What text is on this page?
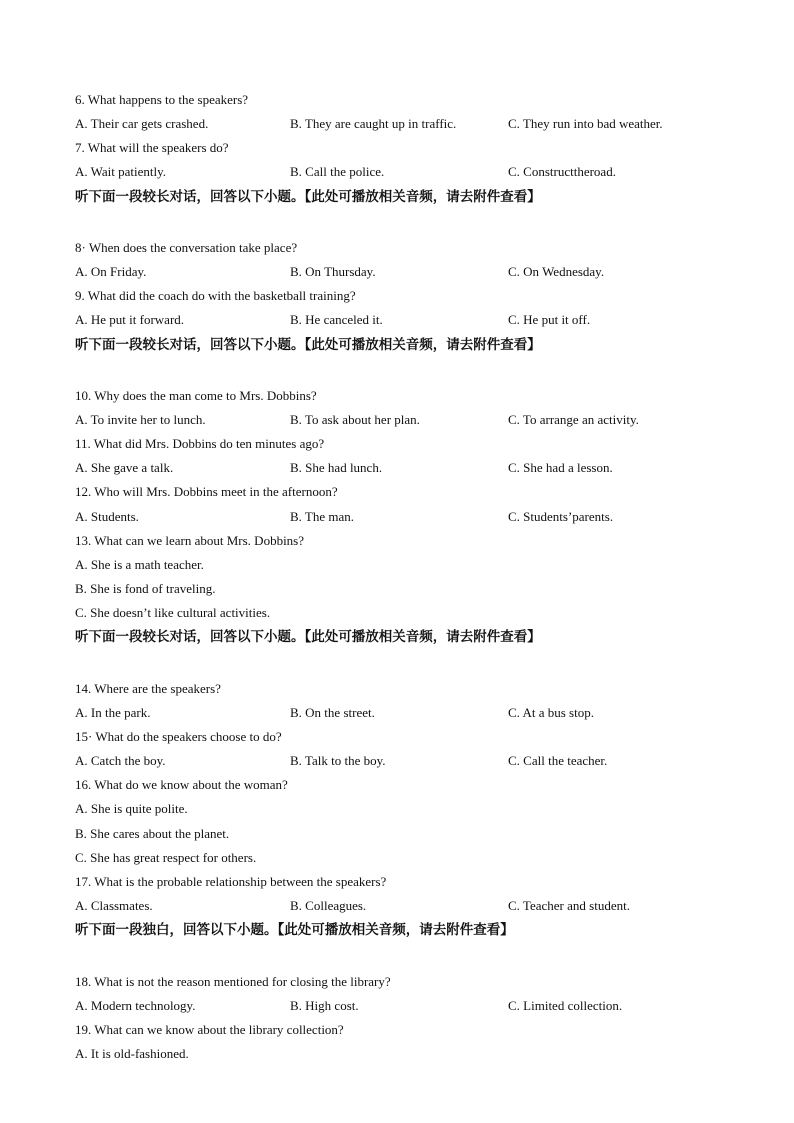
6. What happens to the speakers?
A. Their car gets crashed.	B. They are caught up in traffic.	C. They run into bad weather.
7. What will the speakers do?
A. Wait patiently.	B. Call the police.	C. Constructtheroad.
听下面一段较长对话，回答以下小题。【此处可播放相关音频，请去附件查看】
8· When does the conversation take place?
A. On Friday.	B. On Thursday.	C. On Wednesday.
9. What did the coach do with the basketball training?
A. He put it forward.	B. He canceled it.	C. He put it off.
听下面一段较长对话，回答以下小题。【此处可播放相关音频，请去附件查看】
10. Why does the man come to Mrs. Dobbins?
A. To invite her to lunch.	B. To ask about her plan.	C. To arrange an activity.
11. What did Mrs. Dobbins do ten minutes ago?
A. She gave a talk.	B. She had lunch.	C. She had a lesson.
12. Who will Mrs. Dobbins meet in the afternoon?
A. Students.	B. The man.	C. Students’parents.
13. What can we learn about Mrs. Dobbins?
A. She is a math teacher.
B. She is fond of traveling.
C. She doesn’t like cultural activities.
听下面一段较长对话，回答以下小题。【此处可播放相关音频，请去附件查看】
14. Where are the speakers?
A. In the park.	B. On the street.	C. At a bus stop.
15· What do the speakers choose to do?
A. Catch the boy.	B. Talk to the boy.	C. Call the teacher.
16. What do we know about the woman?
A. She is quite polite.
B. She cares about the planet.
C. She has great respect for others.
17. What is the probable relationship between the speakers?
A. Classmates.	B. Colleagues.	C. Teacher and student.
听下面一段独白，回答以下小题。【此处可播放相关音频，请去附件查看】
18. What is not the reason mentioned for closing the library?
A. Modern technology.	B. High cost.	C. Limited collection.
19. What can we know about the library collection?
A. It is old-fashioned.
